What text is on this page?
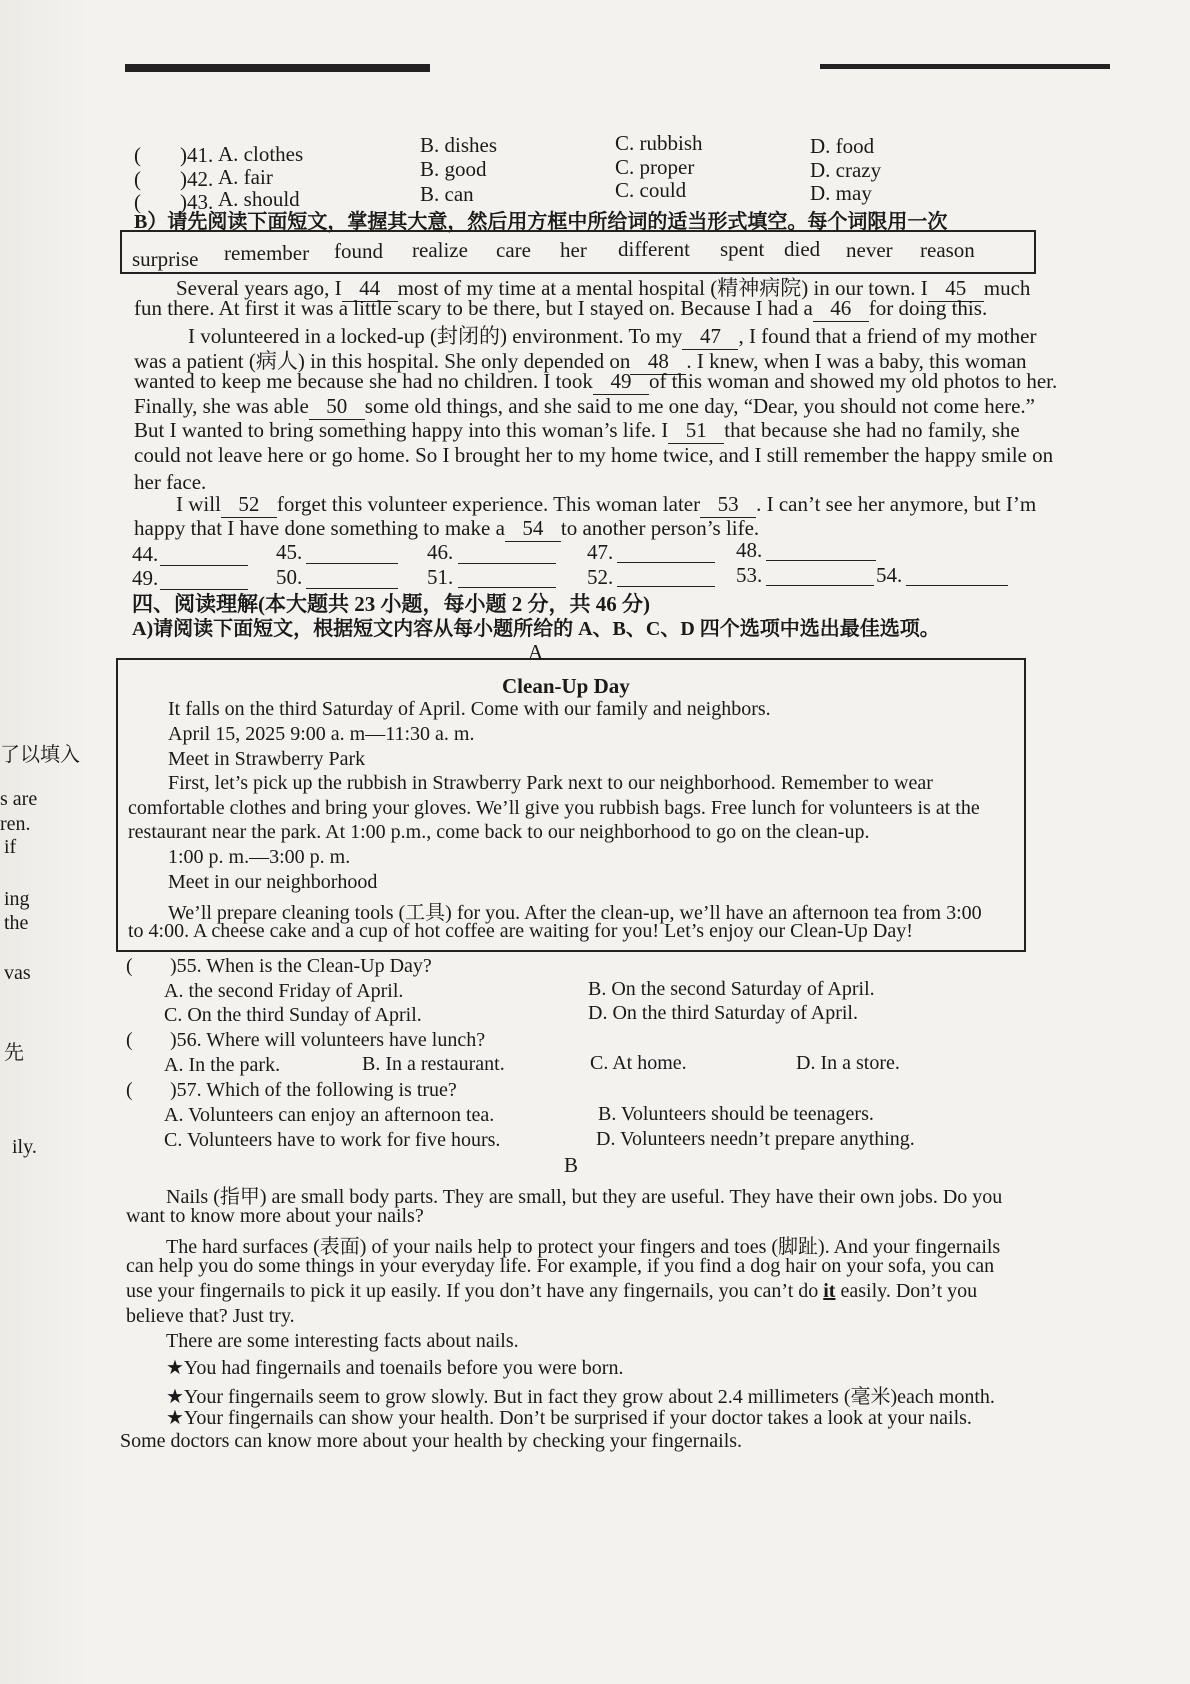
了以填入
s are
ren.
if
ing
the
vas
先
ily.
( )41. A. clothes	B. dishes	C. rubbish	D. food
( )42. A. fair	B. good	C. proper	D. crazy
( )43. A. should	B. can	C. could	D. may
B）请先阅读下面短文，掌握其大意，然后用方框中所给词的适当形式填空。每个词限用一次
surprise remember found realize care her different spent died never reason
Several years ago, I 44 most of my time at a mental hospital (精神病院) in our town. I 45 much
fun there. At first it was a little scary to be there, but I stayed on. Because I had a 46 for doing this.
I volunteered in a locked-up (封闭的) environment. To my 47 , I found that a friend of my mother
was a patient (病人) in this hospital. She only depended on 48 . I knew, when I was a baby, this woman
wanted to keep me because she had no children. I took 49 of this woman and showed my old photos to her.
Finally, she was able 50 some old things, and she said to me one day, “Dear, you should not come here.”
But I wanted to bring something happy into this woman’s life. I 51 that because she had no family, she
could not leave here or go home. So I brought her to my home twice, and I still remember the happy smile on
her face.
I will 52 forget this volunteer experience. This woman later 53 . I can’t see her anymore, but I’m
happy that I have done something to make a 54 to another person’s life.
44.	45.	46.	47.	48.
49.	50.	51.	52.	53.	54.
四、阅读理解(本大题共 23 小题，每小题 2 分，共 46 分)
A)请阅读下面短文，根据短文内容从每小题所给的 A、B、C、D 四个选项中选出最佳选项。
A
Clean-Up Day
It falls on the third Saturday of April. Come with our family and neighbors.
April 15, 2025 9:00 a. m—11:30 a. m.
Meet in Strawberry Park
First, let’s pick up the rubbish in Strawberry Park next to our neighborhood. Remember to wear
comfortable clothes and bring your gloves. We’ll give you rubbish bags. Free lunch for volunteers is at the
restaurant near the park. At 1:00 p.m., come back to our neighborhood to go on the clean-up.
1:00 p. m.—3:00 p. m.
Meet in our neighborhood
We’ll prepare cleaning tools (工具) for you. After the clean-up, we’ll have an afternoon tea from 3:00
to 4:00. A cheese cake and a cup of hot coffee are waiting for you! Let’s enjoy our Clean-Up Day!
( )55. When is the Clean-Up Day?
A. the second Friday of April.	B. On the second Saturday of April.
C. On the third Sunday of April.	D. On the third Saturday of April.
( )56. Where will volunteers have lunch?
A. In the park.	B. In a restaurant.	C. At home.	D. In a store.
( )57. Which of the following is true?
A. Volunteers can enjoy an afternoon tea.	B. Volunteers should be teenagers.
C. Volunteers have to work for five hours.	D. Volunteers needn’t prepare anything.
B
Nails (指甲) are small body parts. They are small, but they are useful. They have their own jobs. Do you
want to know more about your nails?
The hard surfaces (表面) of your nails help to protect your fingers and toes (脚趾). And your fingernails
can help you do some things in your everyday life. For example, if you find a dog hair on your sofa, you can
use your fingernails to pick it up easily. If you don’t have any fingernails, you can’t do it easily. Don’t you
believe that? Just try.
There are some interesting facts about nails.
★You had fingernails and toenails before you were born.
★Your fingernails seem to grow slowly. But in fact they grow about 2.4 millimeters (毫米)each month.
★Your fingernails can show your health. Don’t be surprised if your doctor takes a look at your nails.
Some doctors can know more about your health by checking your fingernails.
